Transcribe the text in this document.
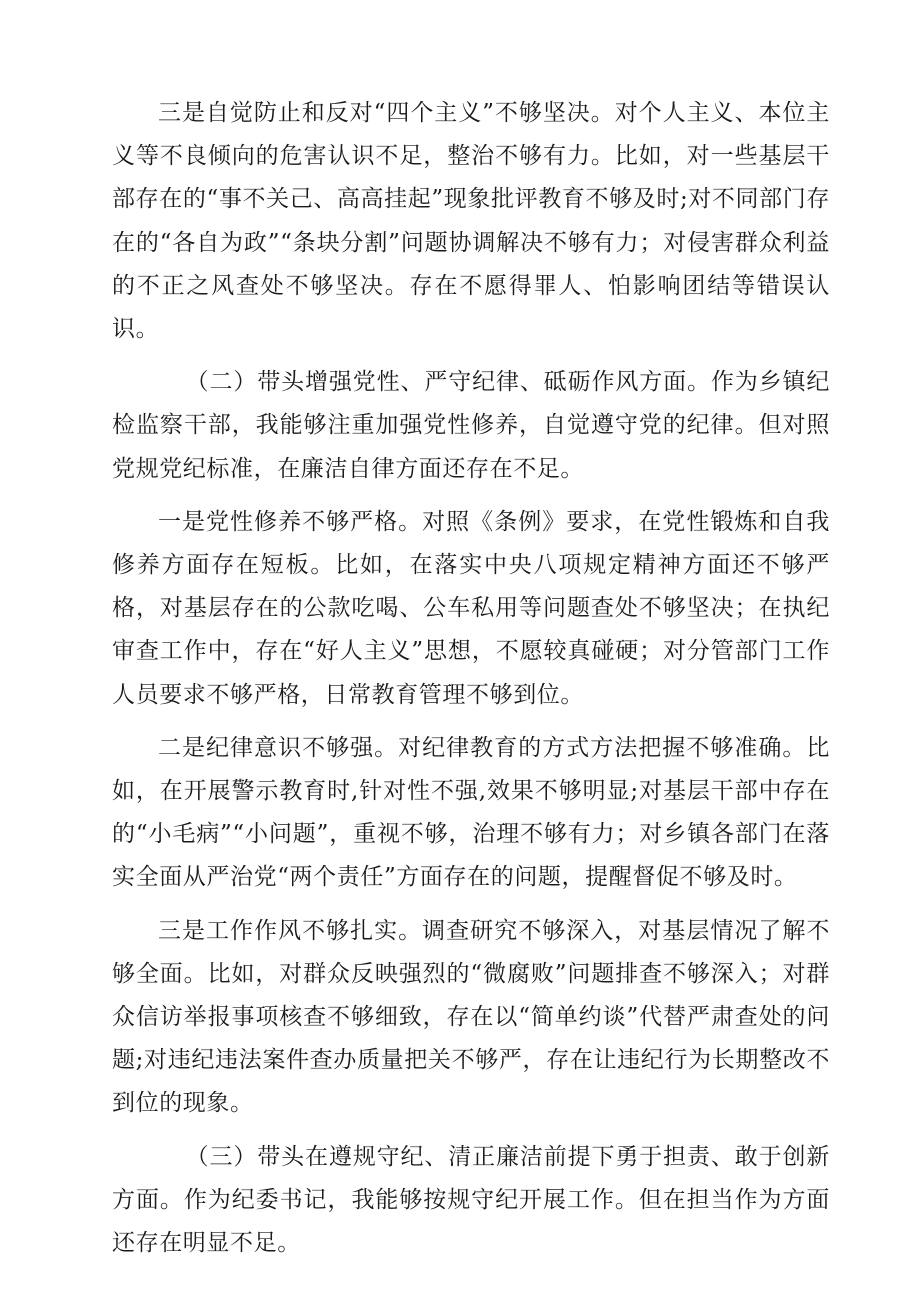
三是自觉防止和反对“四个主义”不够坚决。对个人主义、本位主义等不良倾向的危害认识不足，整治不够有力。比如，对一些基层干部存在的“事不关己、高高挂起”现象批评教育不够及时;对不同部门存在的“各自为政”“条块分割”问题协调解决不够有力；对侵害群众利益的不正之风查处不够坚决。存在不愿得罪人、怕影响团结等错误认识。

（二）带头增强党性、严守纪律、砥砺作风方面。作为乡镇纪检监察干部，我能够注重加强党性修养，自觉遵守党的纪律。但对照党规党纪标准，在廉洁自律方面还存在不足。

一是党性修养不够严格。对照《条例》要求，在党性锻炼和自我修养方面存在短板。比如，在落实中央八项规定精神方面还不够严格，对基层存在的公款吃喝、公车私用等问题查处不够坚决；在执纪审查工作中，存在“好人主义”思想，不愿较真碰硬；对分管部门工作人员要求不够严格，日常教育管理不够到位。

二是纪律意识不够强。对纪律教育的方式方法把握不够准确。比如，在开展警示教育时,针对性不强,效果不够明显;对基层干部中存在的“小毛病”“小问题”，重视不够，治理不够有力；对乡镇各部门在落实全面从严治党“两个责任”方面存在的问题，提醒督促不够及时。

三是工作作风不够扎实。调查研究不够深入，对基层情况了解不够全面。比如，对群众反映强烈的“微腐败”问题排查不够深入；对群众信访举报事项核查不够细致，存在以“简单约谈”代替严肃查处的问题;对违纪违法案件查办质量把关不够严，存在让违纪行为长期整改不到位的现象。

（三）带头在遵规守纪、清正廉洁前提下勇于担责、敢于创新方面。作为纪委书记，我能够按规守纪开展工作。但在担当作为方面还存在明显不足。
